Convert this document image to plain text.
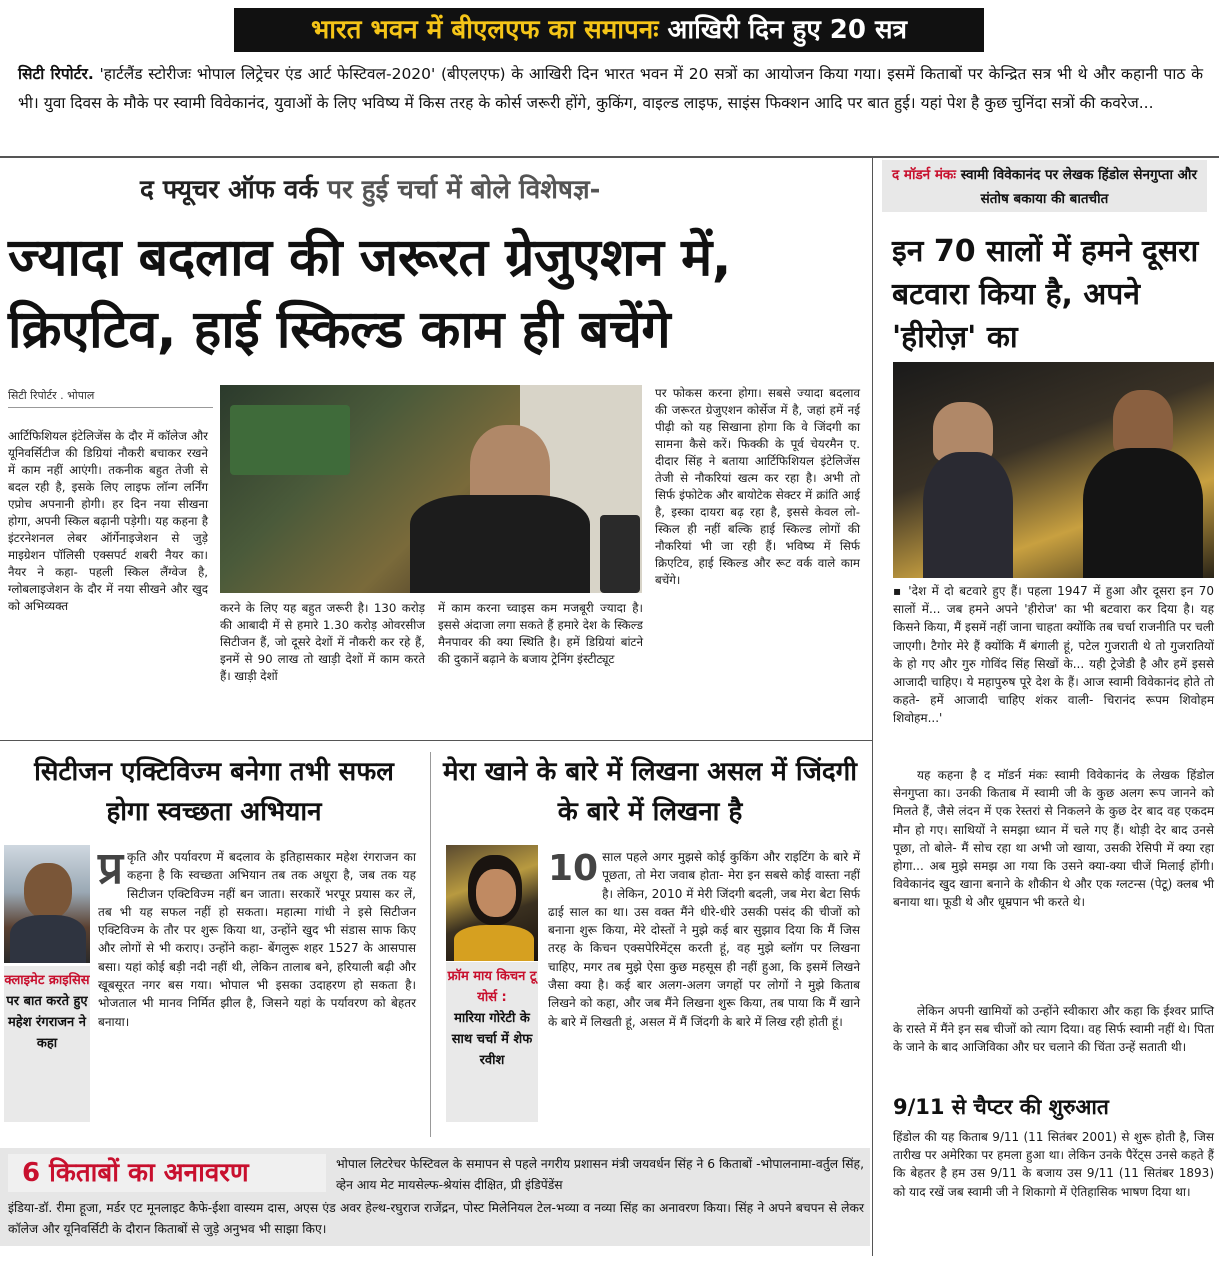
भारत भवन में बीएलएफ का समापनः आखिरी दिन हुए 20 सत्र
सिटी रिपोर्टर. 'हार्टलैंड स्टोरीजः भोपाल लिट्रेचर एंड आर्ट फेस्टिवल-2020' (बीएलएफ) के आखिरी दिन भारत भवन में 20 सत्रों का आयोजन किया गया। इसमें किताबों पर केन्द्रित सत्र भी थे और कहानी पाठ के भी। युवा दिवस के मौके पर स्वामी विवेकानंद, युवाओं के लिए भविष्य में किस तरह के कोर्स जरूरी होंगे, कुकिंग, वाइल्ड लाइफ, साइंस फिक्शन आदि पर बात हुई। यहां पेश है कुछ चुनिंदा सत्रों की कवरेज...
द फ्यूचर ऑफ वर्क पर हुई चर्चा में बोले विशेषज्ञ-
ज्यादा बदलाव की जरूरत ग्रेजुएशन में, क्रिएटिव, हाई स्किल्ड काम ही बचेंगे
सिटी रिपोर्टर . भोपाल
आर्टिफिशियल इंटेलिजेंस के दौर में कॉलेज और यूनिवर्सिटीज की डिग्रियां नौकरी बचाकर रखने में काम नहीं आएंगी। तकनीक बहुत तेजी से बदल रही है, इसके लिए लाइफ लॉन्ग लर्निंग एप्रोच अपनानी होगी। हर दिन नया सीखना होगा, अपनी स्किल बढ़ानी पड़ेगी। यह कहना है इंटरनेशनल लेबर ऑर्गेनाइजेशन से जुड़े माइग्रेशन पॉलिसी एक्सपर्ट शबरी नैयर का। नैयर ने कहा- पहली स्किल लैंग्वेज है, ग्लोबलाइजेशन के दौर में नया सीखने और खुद को अभिव्यक्त	करने के लिए यह बहुत जरूरी है। 130 करोड़ की आबादी में से हमारे 1.30 करोड़ ओवरसीज सिटीजन हैं, जो दूसरे देशों में नौकरी कर रहे हैं, इनमें से 90 लाख तो खाड़ी देशों में काम करते हैं। खाड़ी देशों
में काम करना च्वाइस कम मजबूरी ज्यादा है। इससे अंदाजा लगा सकते हैं हमारे देश के स्किल्ड मैनपावर की क्या स्थिति है। हमें डिग्रियां बांटने की दुकानें बढ़ाने के बजाय ट्रेनिंग इंस्टीट्यूट
पर फोकस करना होगा। सबसे ज्यादा बदलाव की जरूरत ग्रेजुएशन कोर्सेज में है, जहां हमें नई पीढ़ी को यह सिखाना होगा कि वे जिंदगी का सामना कैसे करें। फिक्की के पूर्व चेयरमैन ए. दीदार सिंह ने बताया आर्टिफिशियल इंटेलिजेंस तेजी से नौकरियां खत्म कर रहा है। अभी तो सिर्फ इंफोटेक और बायोटेक सेक्टर में क्रांति आई है, इस्का दायरा बढ़ रहा है, इससे केवल लो-स्किल ही नहीं बल्कि हाई स्किल्ड लोगों की नौकरियां भी जा रही हैं। भविष्य में सिर्फ क्रिएटिव, हाई स्किल्ड और रूट वर्क वाले काम बचेंगे।
सिटीजन एक्टिविज्म बनेगा तभी सफल होगा स्वच्छता अभियान
क्लाइमेट क्राइसिस
पर बात करते हुए महेश रंगराजन ने कहा
प्र कृति और पर्यावरण में बदलाव के इतिहासकार महेश रंगराजन का कहना है कि स्वच्छता अभियान तब तक अधूरा है, जब तक यह सिटीजन एक्टिविज्म नहीं बन जाता। सरकारें भरपूर प्रयास कर लें, तब भी यह सफल नहीं हो सकता। महात्मा गांधी ने इसे सिटीजन एक्टिविज्म के तौर पर शुरू किया था, उन्होंने खुद भी संडास साफ किए और लोगों से भी कराए। उन्होंने कहा- बेंगलुरू शहर 1527 के आसपास बसा। यहां कोई बड़ी नदी नहीं थी, लेकिन तालाब बने, हरियाली बढ़ी और खूबसूरत नगर बस गया। भोपाल भी इसका उदाहरण हो सकता है। भोजताल भी मानव निर्मित झील है, जिसने यहां के पर्यावरण को बेहतर बनाया।
मेरा खाने के बारे में लिखना असल में जिंदगी के बारे में लिखना है
फ्रॉम माय किचन टू योर्स :
मारिया गोरेटी के साथ चर्चा में शेफ रवीश
10 साल पहले अगर मुझसे कोई कुकिंग और राइटिंग के बारे में पूछता, तो मेरा जवाब होता- मेरा इन सबसे कोई वास्ता नहीं है। लेकिन, 2010 में मेरी जिंदगी बदली, जब मेरा बेटा सिर्फ ढाई साल का था। उस वक्त मैंने धीरे-धीरे उसकी पसंद की चीजों को बनाना शुरू किया, मेरे दोस्तों ने मुझे कई बार सुझाव दिया कि मैं जिस तरह के किचन एक्सपेरिमेंट्स करती हूं, वह मुझे ब्लॉग पर लिखना चाहिए, मगर तब मुझे ऐसा कुछ महसूस ही नहीं हुआ, कि इसमें लिखने जैसा क्या है। कई बार अलग-अलग जगहों पर लोगों ने मुझे किताब लिखने को कहा, और जब मैंने लिखना शुरू किया, तब पाया कि मैं खाने के बारे में लिखती हूं, असल में मैं जिंदगी के बारे में लिख रही होती हूं।
6 किताबों का अनावरण	भोपाल लिटरेचर फेस्टिवल के समापन से पहले नगरीय प्रशासन मंत्री जयवर्धन सिंह ने 6 किताबों -भोपालनामा-वर्तुल सिंह, व्हेन आय मेट मायसेल्फ-श्रेयांस दीक्षित, प्री इंडिपेंडेंस
इंडिया-डॉ. रीमा हूजा, मर्डर एट मूनलाइट कैफे-ईशा वास्यम दास, अएस एंड अवर हेल्थ-रघुराज राजेंद्रन, पोस्ट मिलेनियल टेल-भव्या व नव्या सिंह का अनावरण किया। सिंह ने अपने बचपन से लेकर कॉलेज और यूनिवर्सिटी के दौरान किताबों से जुड़े अनुभव भी साझा किए।
द मॉडर्न मंकः स्वामी विवेकानंद पर लेखक हिंडोल सेनगुप्ता और संतोष बकाया की बातचीत
इन 70 सालों में हमने दूसरा बटवारा किया है, अपने 'हीरोज़' का
▪ 'देश में दो बटवारे हुए हैं। पहला 1947 में हुआ और दूसरा इन 70 सालों में... जब हमने अपने 'हीरोज' का भी बटवारा कर दिया है। यह किसने किया, मैं इसमें नहीं जाना चाहता क्योंकि तब चर्चा राजनीति पर चली जाएगी। टैगोर मेरे हैं क्योंकि मैं बंगाली हूं, पटेल गुजराती थे तो गुजरातियों के हो गए और गुरु गोविंद सिंह सिखों के... यही ट्रेजेडी है और हमें इससे आजादी चाहिए। ये महापुरुष पूरे देश के हैं। आज स्वामी विवेकानंद होते तो कहते- हमें आजादी चाहिए शंकर वाली- चिरानंद रूपम शिवोहम शिवोहम...'
यह कहना है द मॉडर्न मंकः स्वामी विवेकानंद के लेखक हिंडोल सेनगुप्ता का। उनकी किताब में स्वामी जी के कुछ अलग रूप जानने को मिलते हैं, जैसे लंदन में एक रेस्तरां से निकलने के कुछ देर बाद वह एकदम मौन हो गए। साथियों ने समझा ध्यान में चले गए हैं। थोड़ी देर बाद उनसे पूछा, तो बोले- मैं सोच रहा था अभी जो खाया, उसकी रेसिपी में क्या रहा होगा... अब मुझे समझ आ गया कि उसने क्या-क्या चीजें मिलाई होंगी। विवेकानंद खुद खाना बनाने के शौकीन थे और एक ग्लटन्स (पेटू) क्लब भी बनाया था। फूडी थे और धूम्रपान भी करते थे।
लेकिन अपनी खामियों को उन्होंने स्वीकारा और कहा कि ईश्वर प्राप्ति के रास्ते में मैंने इन सब चीजों को त्याग दिया। वह सिर्फ स्वामी नहीं थे। पिता के जाने के बाद आजिविका और घर चलाने की चिंता उन्हें सताती थी।
9/11 से चैप्टर की शुरुआत
हिंडोल की यह किताब 9/11 (11 सितंबर 2001) से शुरू होती है, जिस तारीख पर अमेरिका पर हमला हुआ था। लेकिन उनके पैरेंट्स उनसे कहते हैं कि बेहतर है हम उस 9/11 के बजाय उस 9/11 (11 सितंबर 1893) को याद रखें जब स्वामी जी ने शिकागो में ऐतिहासिक भाषण दिया था।
